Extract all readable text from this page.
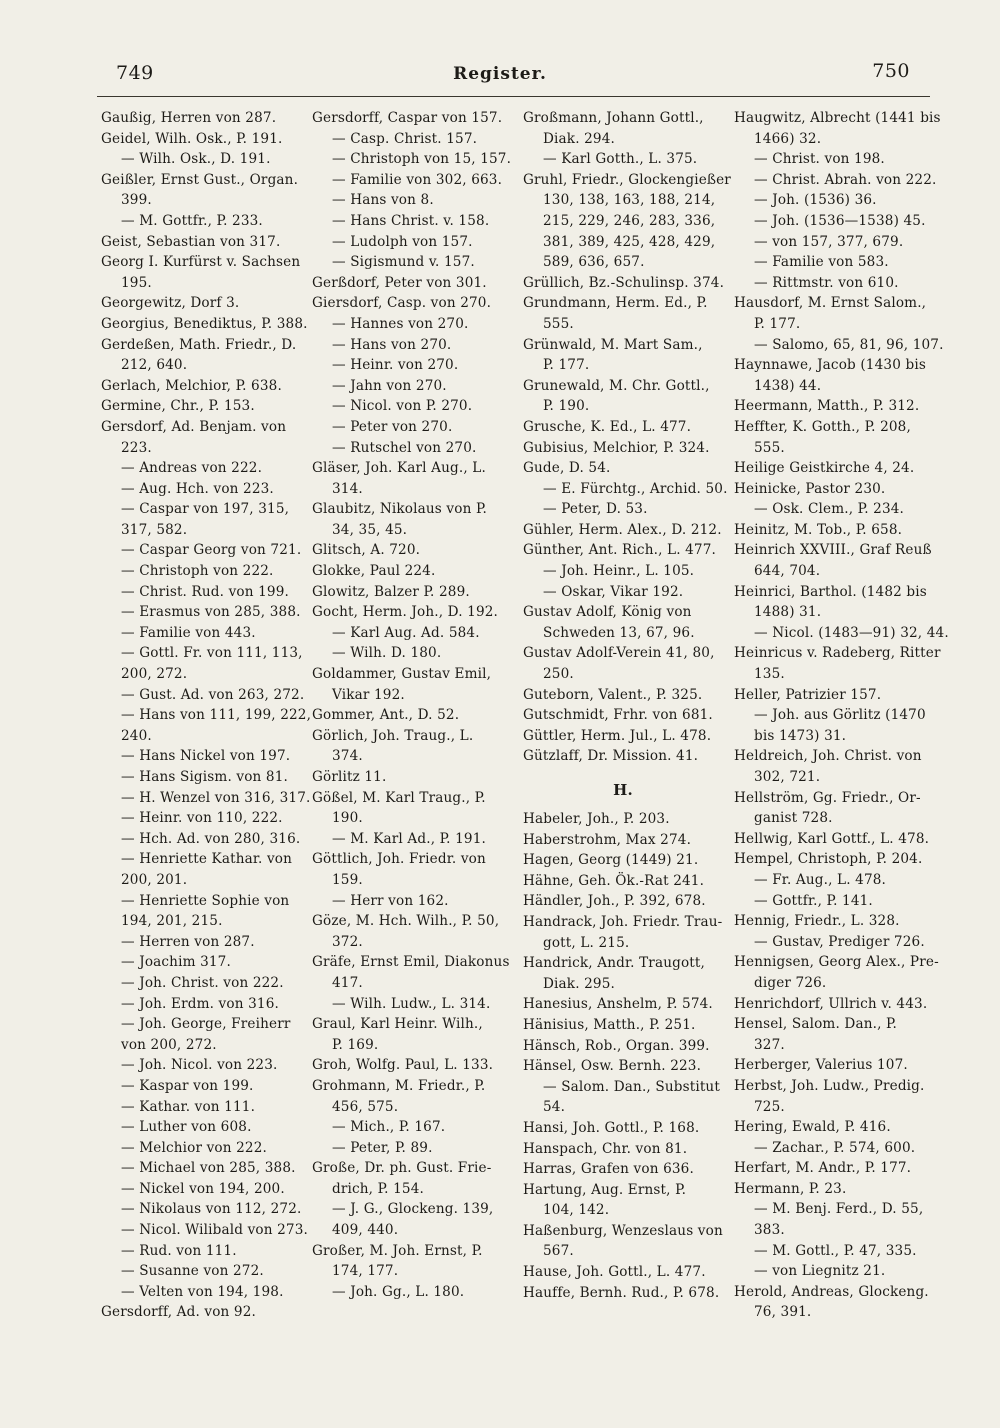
749	Register.	750
Gaußig, Herren von 287.
Geidel, Wilh. Osk., P. 191.
— Wilh. Osk., D. 191.
Geißler, Ernst Gust., Organ.
399.
— M. Gottfr., P. 233.
Geist, Sebastian von 317.
Georg I. Kurfürst v. Sachsen
195.
Georgewitz, Dorf 3.
Georgius, Benediktus, P. 388.
Gerdeßen, Math. Friedr., D.
212, 640.
Gerlach, Melchior, P. 638.
Germine, Chr., P. 153.
Gersdorf, Ad. Benjam. von
223.
— Andreas von 222.
— Aug. Hch. von 223.
— Caspar von 197, 315,
317, 582.
— Caspar Georg von 721.
— Christoph von 222.
— Christ. Rud. von 199.
— Erasmus von 285, 388.
— Familie von 443.
— Gottl. Fr. von 111, 113,
200, 272.
— Gust. Ad. von 263, 272.
— Hans von 111, 199, 222,
240.
— Hans Nickel von 197.
— Hans Sigism. von 81.
— H. Wenzel von 316, 317.
— Heinr. von 110, 222.
— Hch. Ad. von 280, 316.
— Henriette Kathar. von
200, 201.
— Henriette Sophie von
194, 201, 215.
— Herren von 287.
— Joachim 317.
— Joh. Christ. von 222.
— Joh. Erdm. von 316.
— Joh. George, Freiherr
von 200, 272.
— Joh. Nicol. von 223.
— Kaspar von 199.
— Kathar. von 111.
— Luther von 608.
— Melchior von 222.
— Michael von 285, 388.
— Nickel von 194, 200.
— Nikolaus von 112, 272.
— Nicol. Wilibald von 273.
— Rud. von 111.
— Susanne von 272.
— Velten von 194, 198.
Gersdorff, Ad. von 92.
Gersdorff, Caspar von 157.
— Casp. Christ. 157.
— Christoph von 15, 157.
— Familie von 302, 663.
— Hans von 8.
— Hans Christ. v. 158.
— Ludolph von 157.
— Sigismund v. 157.
Gerßdorf, Peter von 301.
Giersdorf, Casp. von 270.
— Hannes von 270.
— Hans von 270.
— Heinr. von 270.
— Jahn von 270.
— Nicol. von P. 270.
— Peter von 270.
— Rutschel von 270.
Gläser, Joh. Karl Aug., L.
314.
Glaubitz, Nikolaus von P.
34, 35, 45.
Glitsch, A. 720.
Glokke, Paul 224.
Glowitz, Balzer P. 289.
Gocht, Herm. Joh., D. 192.
— Karl Aug. Ad. 584.
— Wilh. D. 180.
Goldammer, Gustav Emil,
Vikar 192.
Gommer, Ant., D. 52.
Görlich, Joh. Traug., L.
374.
Görlitz 11.
Gößel, M. Karl Traug., P.
190.
— M. Karl Ad., P. 191.
Göttlich, Joh. Friedr. von
159.
— Herr von 162.
Göze, M. Hch. Wilh., P. 50,
372.
Gräfe, Ernst Emil, Diakonus
417.
— Wilh. Ludw., L. 314.
Graul, Karl Heinr. Wilh.,
P. 169.
Groh, Wolfg. Paul, L. 133.
Grohmann, M. Friedr., P.
456, 575.
— Mich., P. 167.
— Peter, P. 89.
Große, Dr. ph. Gust. Frie-
drich, P. 154.
— J. G., Glockeng. 139,
409, 440.
Großer, M. Joh. Ernst, P.
174, 177.
— Joh. Gg., L. 180.
Großmann, Johann Gottl.,
Diak. 294.
— Karl Gotth., L. 375.
Gruhl, Friedr., Glockengießer
130, 138, 163, 188, 214,
215, 229, 246, 283, 336,
381, 389, 425, 428, 429,
589, 636, 657.
Grüllich, Bz.-Schulinsp. 374.
Grundmann, Herm. Ed., P.
555.
Grünwald, M. Mart Sam.,
P. 177.
Grunewald, M. Chr. Gottl.,
P. 190.
Grusche, K. Ed., L. 477.
Gubisius, Melchior, P. 324.
Gude, D. 54.
— E. Fürchtg., Archid. 50.
— Peter, D. 53.
Gühler, Herm. Alex., D. 212.
Günther, Ant. Rich., L. 477.
— Joh. Heinr., L. 105.
— Oskar, Vikar 192.
Gustav Adolf, König von
Schweden 13, 67, 96.
Gustav Adolf-Verein 41, 80,
250.
Guteborn, Valent., P. 325.
Gutschmidt, Frhr. von 681.
Güttler, Herm. Jul., L. 478.
Gützlaff, Dr. Mission. 41.
H.
Habeler, Joh., P. 203.
Haberstrohm, Max 274.
Hagen, Georg (1449) 21.
Hähne, Geh. Ök.-Rat 241.
Händler, Joh., P. 392, 678.
Handrack, Joh. Friedr. Trau-
gott, L. 215.
Handrick, Andr. Traugott,
Diak. 295.
Hanesius, Anshelm, P. 574.
Hänisius, Matth., P. 251.
Hänsch, Rob., Organ. 399.
Hänsel, Osw. Bernh. 223.
— Salom. Dan., Substitut
54.
Hansi, Joh. Gottl., P. 168.
Hanspach, Chr. von 81.
Harras, Grafen von 636.
Hartung, Aug. Ernst, P.
104, 142.
Haßenburg, Wenzeslaus von
567.
Hause, Joh. Gottl., L. 477.
Hauffe, Bernh. Rud., P. 678.
Haugwitz, Albrecht (1441 bis
1466) 32.
— Christ. von 198.
— Christ. Abrah. von 222.
— Joh. (1536) 36.
— Joh. (1536—1538) 45.
— von 157, 377, 679.
— Familie von 583.
— Rittmstr. von 610.
Hausdorf, M. Ernst Salom.,
P. 177.
— Salomo, 65, 81, 96, 107.
Haynnawe, Jacob (1430 bis
1438) 44.
Heermann, Matth., P. 312.
Heffter, K. Gotth., P. 208,
555.
Heilige Geistkirche 4, 24.
Heinicke, Pastor 230.
— Osk. Clem., P. 234.
Heinitz, M. Tob., P. 658.
Heinrich XXVIII., Graf Reuß
644, 704.
Heinrici, Barthol. (1482 bis
1488) 31.
— Nicol. (1483—91) 32, 44.
Heinricus v. Radeberg, Ritter
135.
Heller, Patrizier 157.
— Joh. aus Görlitz (1470
bis 1473) 31.
Heldreich, Joh. Christ. von
302, 721.
Hellström, Gg. Friedr., Or-
ganist 728.
Hellwig, Karl Gottf., L. 478.
Hempel, Christoph, P. 204.
— Fr. Aug., L. 478.
— Gottfr., P. 141.
Hennig, Friedr., L. 328.
— Gustav, Prediger 726.
Hennigsen, Georg Alex., Pre-
diger 726.
Henrichdorf, Ullrich v. 443.
Hensel, Salom. Dan., P.
327.
Herberger, Valerius 107.
Herbst, Joh. Ludw., Predig.
725.
Hering, Ewald, P. 416.
— Zachar., P. 574, 600.
Herfart, M. Andr., P. 177.
Hermann, P. 23.
— M. Benj. Ferd., D. 55,
383.
— M. Gottl., P. 47, 335.
— von Liegnitz 21.
Herold, Andreas, Glockeng.
76, 391.
